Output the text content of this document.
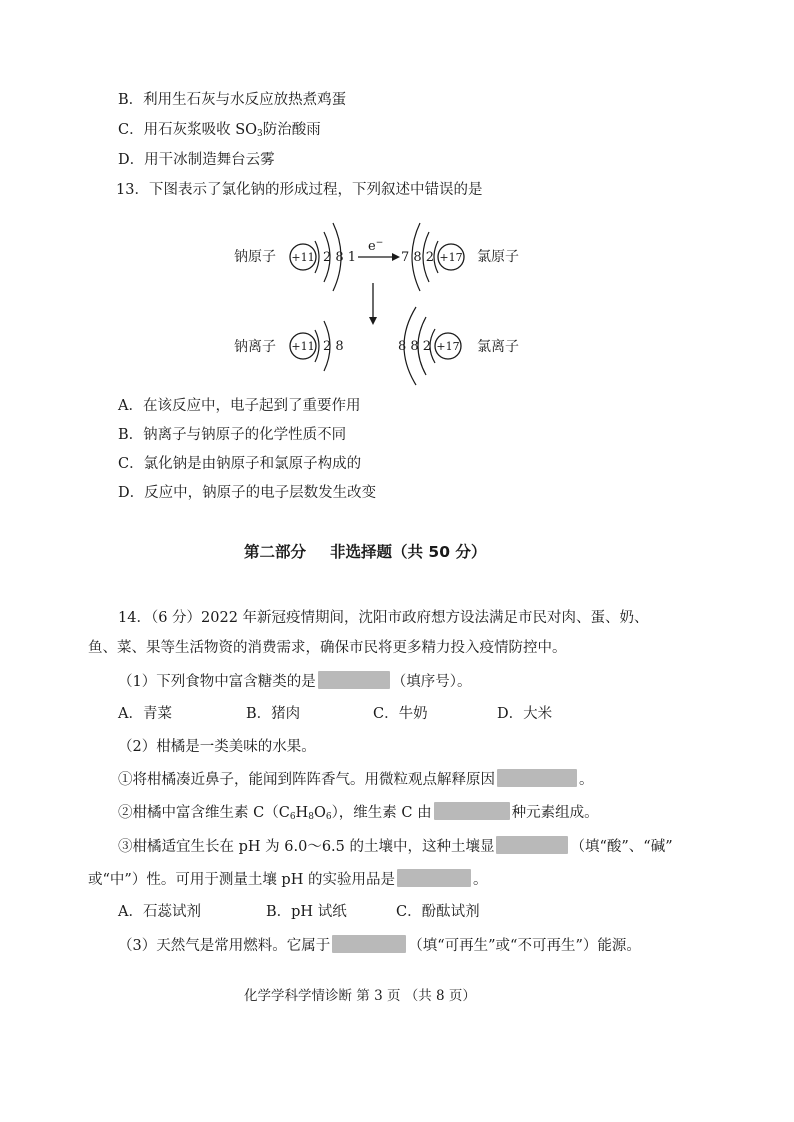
B．利用生石灰与水反应放热煮鸡蛋
C．用石灰浆吸收 $SO_3$防治酸雨
D．用干冰制造舞台云雾
13．下图表示了氯化钠的形成过程，下列叙述中错误的是
钠原子 +11 2 8 1
e−
7 8 2 +17 氯原子
钠离子 +11 2 8	8 8 2 +17 氯离子
A．在该反应中，电子起到了重要作用
B．钠离子与钠原子的化学性质不同
C．氯化钠是由钠原子和氯原子构成的
D．反应中，钠原子的电子层数发生改变
第二部分 非选择题（共 50 分）
14．（6 分）2022 年新冠疫情期间，沈阳市政府想方设法满足市民对肉、蛋、奶、
鱼、菜、果等生活物资的消费需求，确保市民将更多精力投入疫情防控中。
（1）下列食物中富含糖类的是	（填序号）。
A．青菜	B．猪肉	C．牛奶	D．大米
（2）柑橘是一类美味的水果。
①将柑橘凑近鼻子，能闻到阵阵香气。用微粒观点解释原因	。
②柑橘中富含维生素 $C(C_6H_8O_6)$，维生素 C 由	种元素组成。
③柑橘适宜生长在 pH 为 6.0～6.5 的土壤中，这种土壤显	（填“酸”、“碱”
或“中”）性。可用于测量土壤 pH 的实验用品是	。
A．石蕊试剂	B．pH 试纸	C．酚酞试剂
（3）天然气是常用燃料。它属于	（填“可再生”或“不可再生”）能源。
化学学科学情诊断 第 3 页 （共 8 页）
